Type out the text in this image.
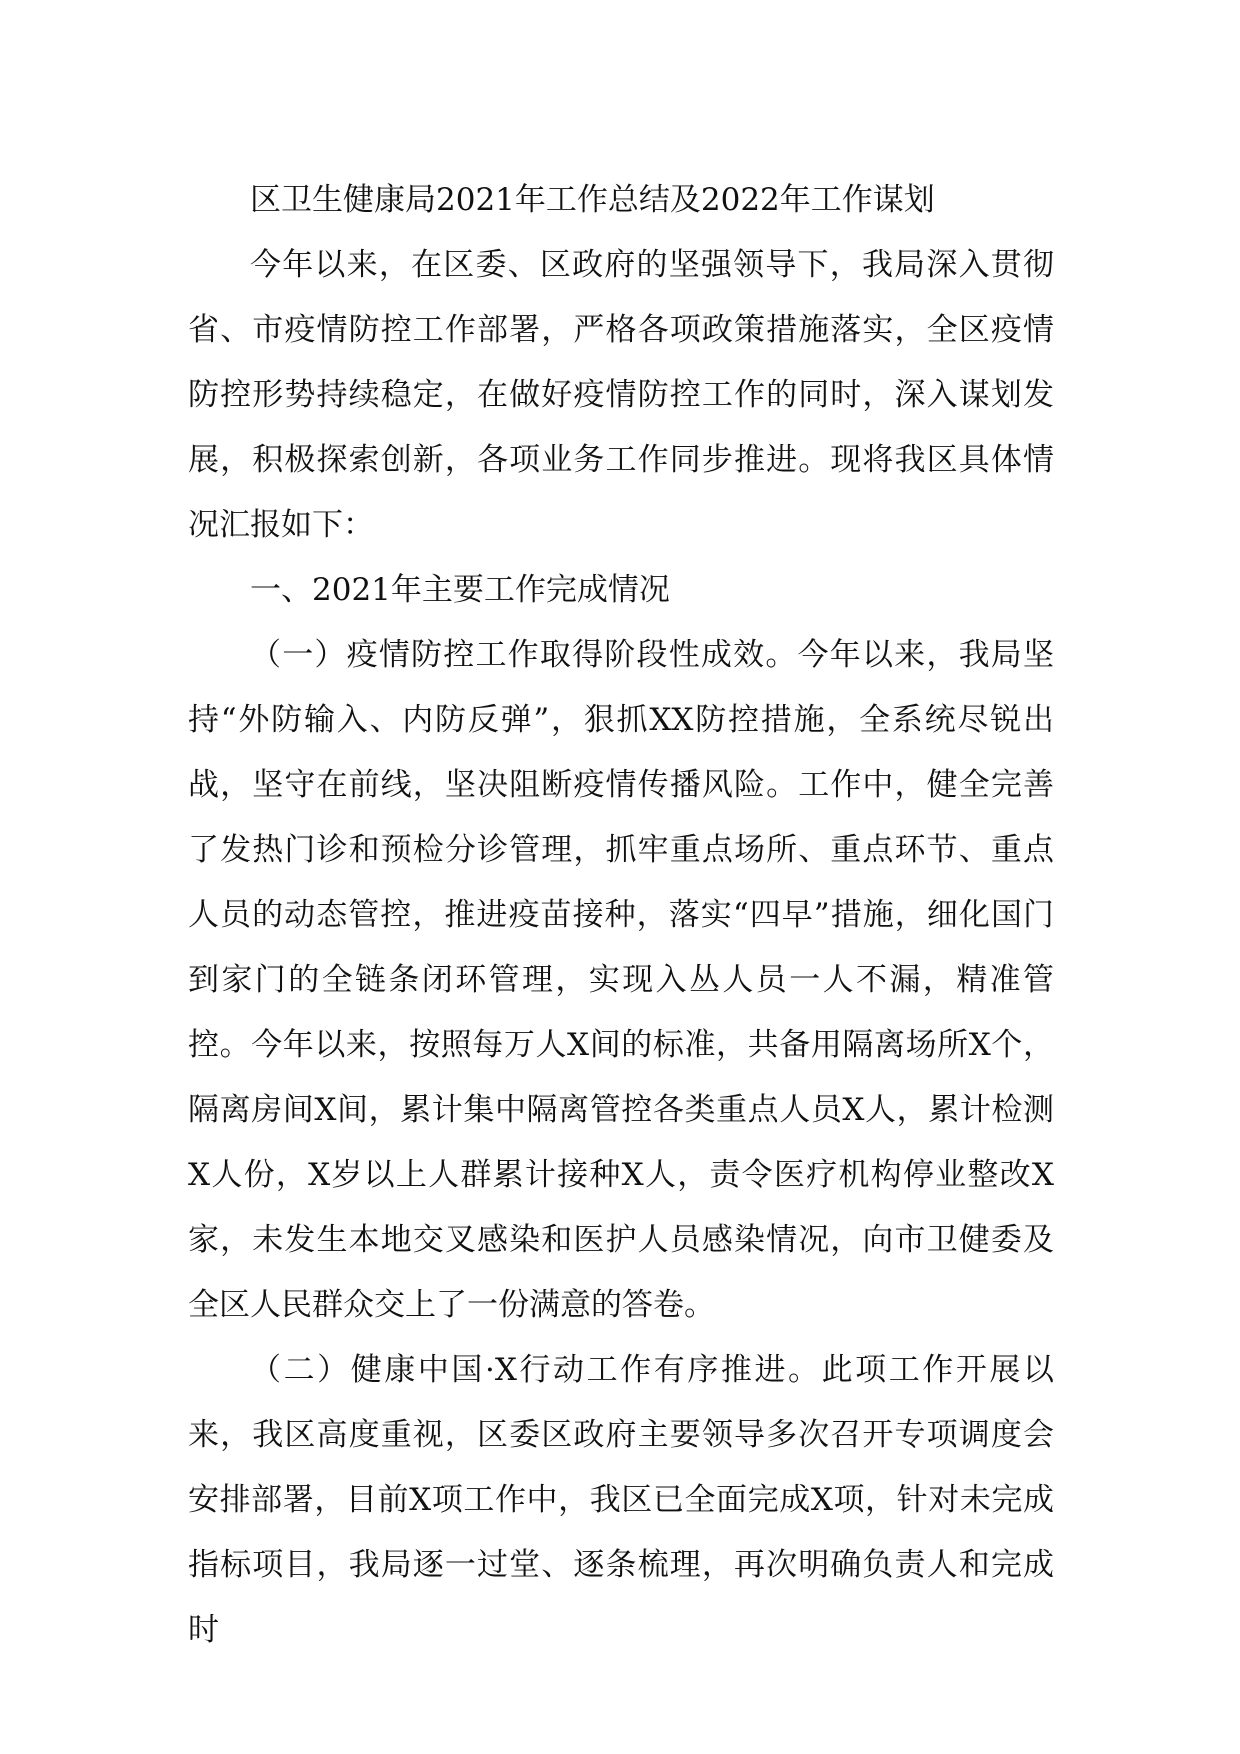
区卫生健康局2021年工作总结及2022年工作谋划

今年以来，在区委、区政府的坚强领导下，我局深入贯彻省、市疫情防控工作部署，严格各项政策措施落实，全区疫情防控形势持续稳定，在做好疫情防控工作的同时，深入谋划发展，积极探索创新，各项业务工作同步推进。现将我区具体情况汇报如下：

一、2021年主要工作完成情况

（一）疫情防控工作取得阶段性成效。今年以来，我局坚持“外防输入、内防反弹”，狠抓XX防控措施，全系统尽锐出战，坚守在前线，坚决阻断疫情传播风险。工作中，健全完善了发热门诊和预检分诊管理，抓牢重点场所、重点环节、重点人员的动态管控，推进疫苗接种，落实“四早”措施，细化国门到家门的全链条闭环管理，实现入丛人员一人不漏，精准管控。今年以来，按照每万人X间的标准，共备用隔离场所X个，隔离房间X间，累计集中隔离管控各类重点人员X人，累计检测X人份，X岁以上人群累计接种X人，责令医疗机构停业整改X家，未发生本地交叉感染和医护人员感染情况，向市卫健委及全区人民群众交上了一份满意的答卷。

（二）健康中国·X行动工作有序推进。此项工作开展以来，我区高度重视，区委区政府主要领导多次召开专项调度会安排部署，目前X项工作中，我区已全面完成X项，针对未完成指标项目，我局逐一过堂、逐条梳理，再次明确负责人和完成时
